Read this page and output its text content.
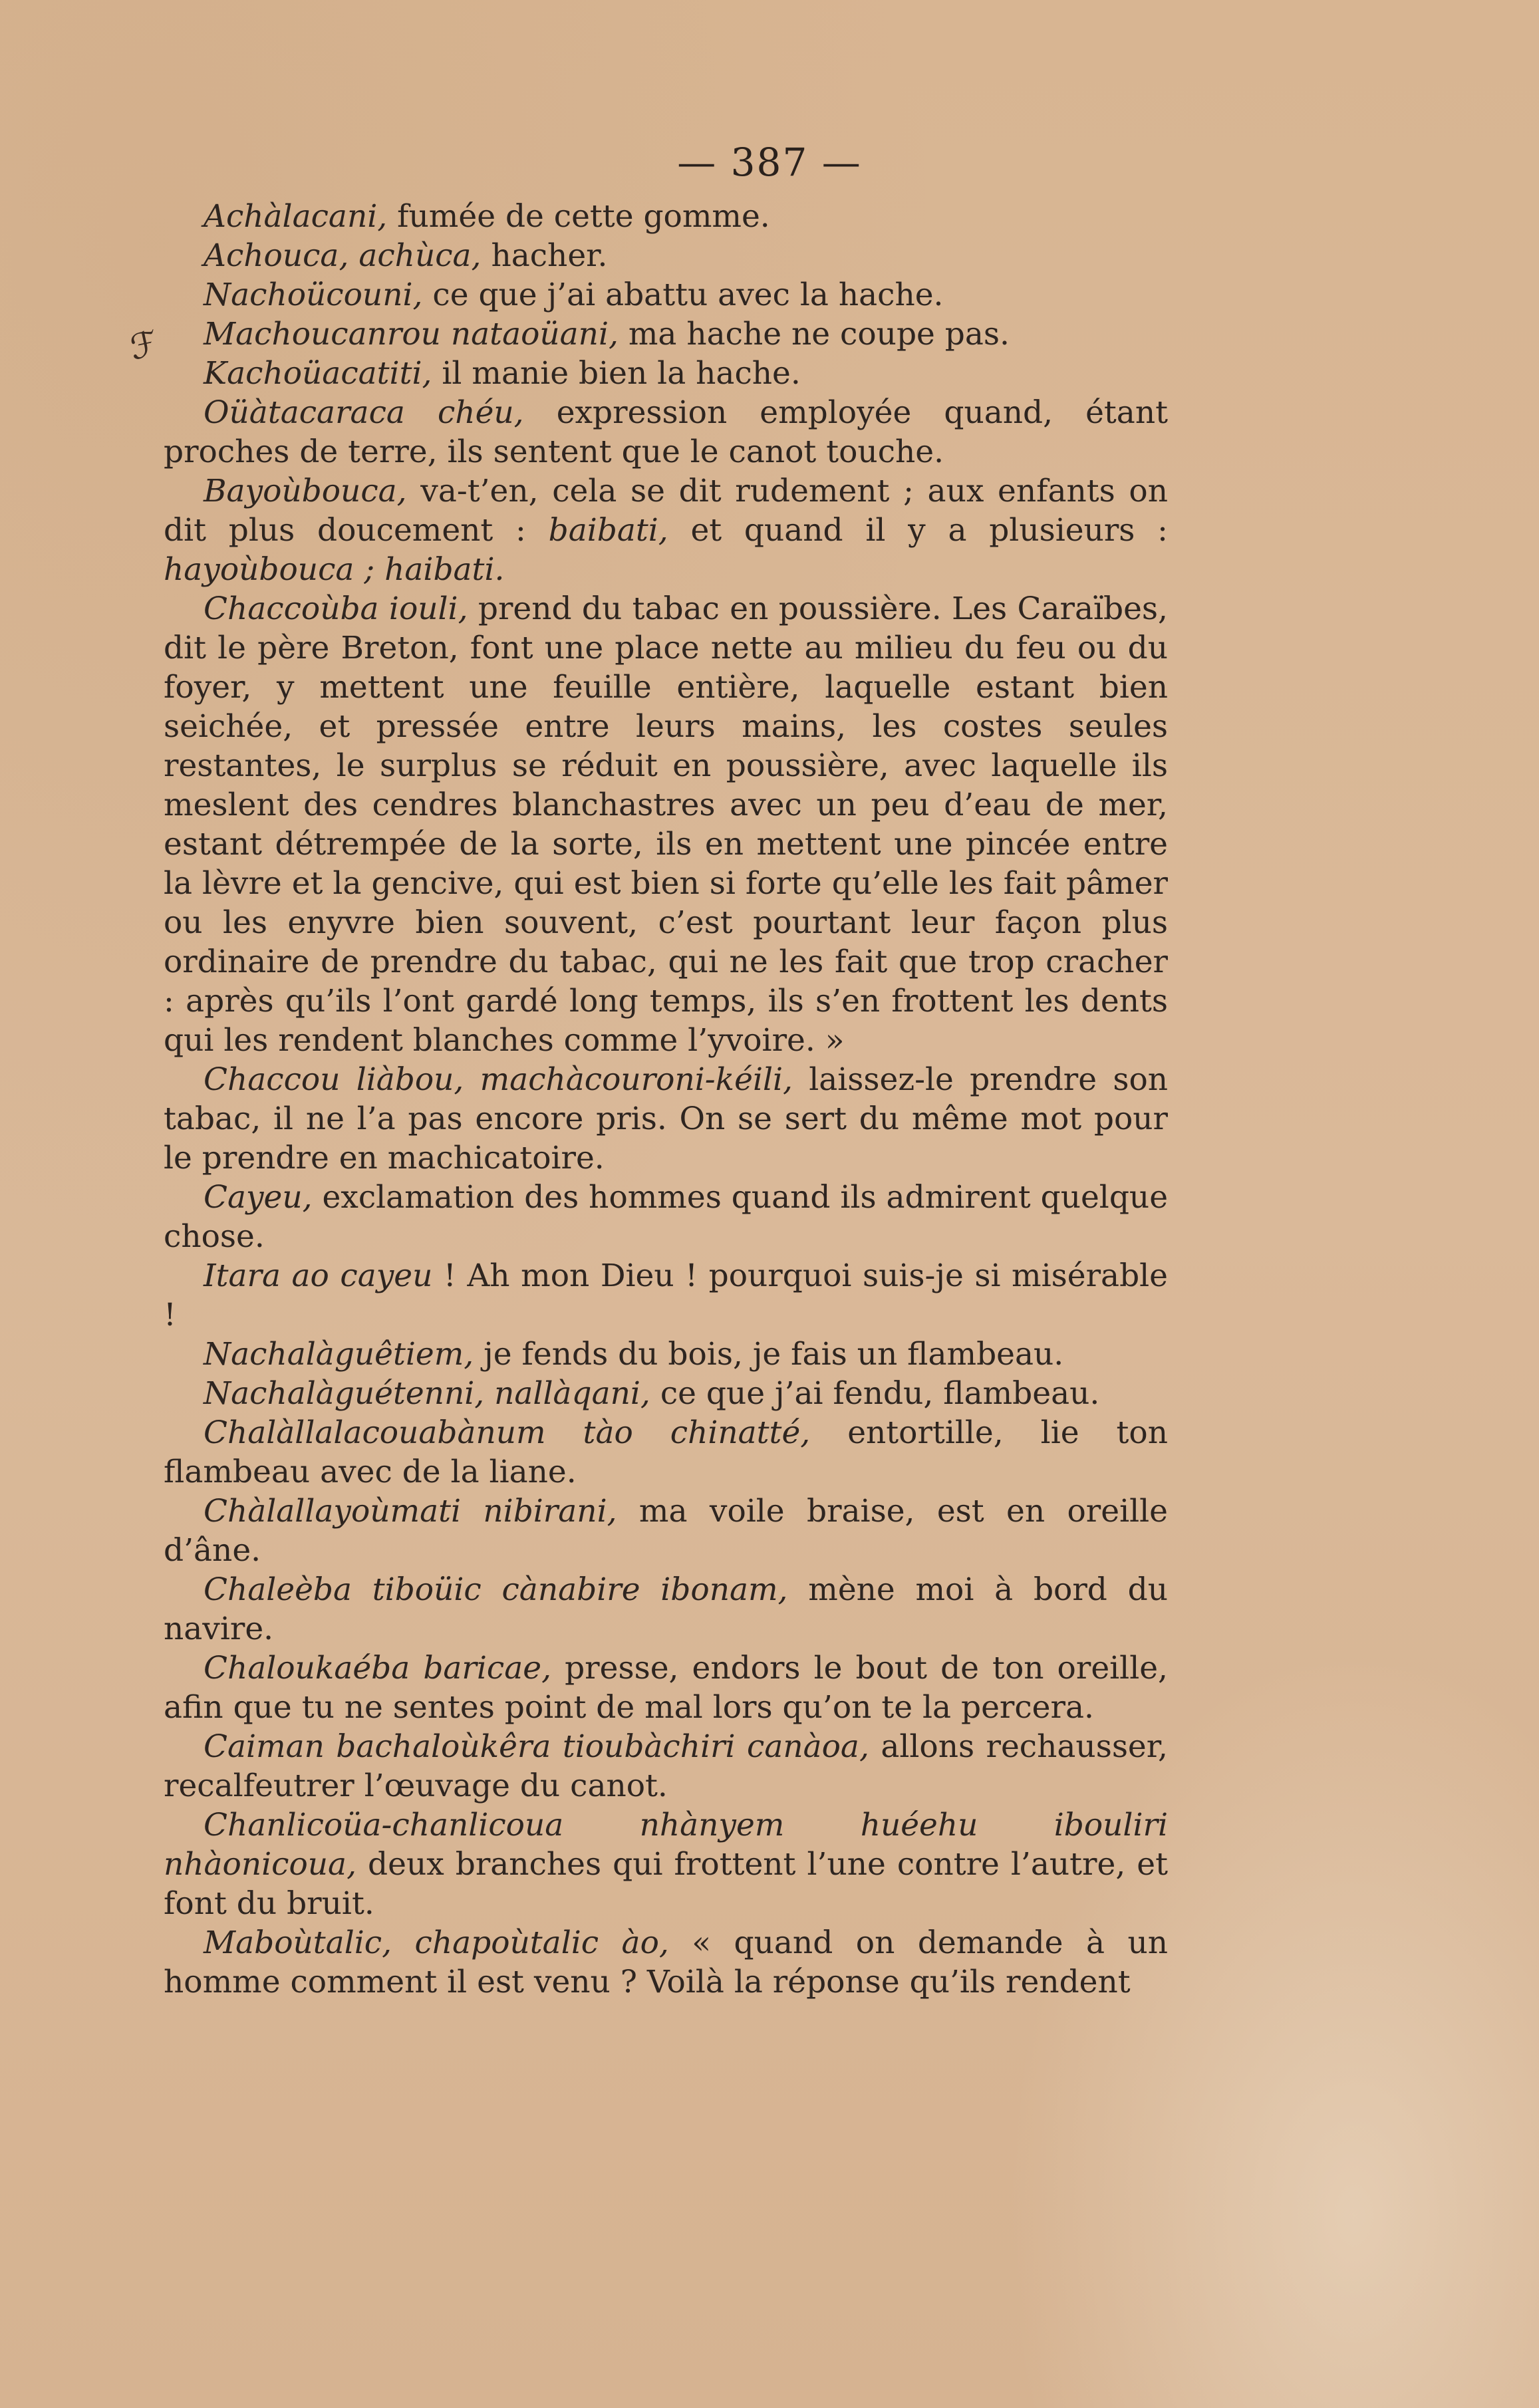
— 387 —
ℱ

Achàlacani, fumée de cette gomme.

Achouca, achùca, hacher.

Nachoücouni, ce que j’ai abattu avec la hache.

Machoucanrou nataoüani, ma hache ne coupe pas.

Kachoüacatiti, il manie bien la hache.

Oüàtacaraca chéu, expression employée quand, étant proches de terre, ils sentent que le canot touche.

Bayoùbouca, va-t’en, cela se dit rudement ; aux enfants on dit plus doucement : baibati, et quand il y a plusieurs : hayoùbouca ; haibati.

Chaccoùba iouli, prend du tabac en poussière. Les Caraïbes, dit le père Breton, font une place nette au milieu du feu ou du foyer, y mettent une feuille entière, laquelle estant bien seichée, et pressée entre leurs mains, les costes seules restantes, le surplus se réduit en poussière, avec laquelle ils meslent des cendres blanchastres avec un peu d’eau de mer, estant détrempée de la sorte, ils en mettent une pincée entre la lèvre et la gencive, qui est bien si forte qu’elle les fait pâmer ou les enyvre bien souvent, c’est pourtant leur façon plus ordinaire de prendre du tabac, qui ne les fait que trop cracher : après qu’ils l’ont gardé long temps, ils s’en frottent les dents qui les rendent blanches comme l’yvoire. »

Chaccou liàbou, machàcouroni-kéili, laissez-le prendre son tabac, il ne l’a pas encore pris. On se sert du même mot pour le prendre en machicatoire.

Cayeu, exclamation des hommes quand ils admirent quelque chose.

Itara ao cayeu ! Ah mon Dieu ! pourquoi suis-je si misérable !

Nachalàguêtiem, je fends du bois, je fais un flambeau.

Nachalàguétenni, nallàqani, ce que j’ai fendu, flambeau.

Chalàllalacouabànum tào chinatté, entortille, lie ton flambeau avec de la liane.

Chàlallayoùmati nibirani, ma voile braise, est en oreille d’âne.

Chaleèba tiboüic cànabire ibonam, mène moi à bord du navire.

Chaloukaéba baricae, presse, endors le bout de ton oreille, afin que tu ne sentes point de mal lors qu’on te la percera.

Caiman bachaloùkêra tioubàchiri canàoa, allons rechausser, recalfeutrer l’œuvage du canot.

Chanlicoüa-chanlicoua nhànyem huéehu ibouliri nhàonicoua, deux branches qui frottent l’une contre l’autre, et font du bruit.

Maboùtalic, chapoùtalic ào, « quand on demande à un homme comment il est venu ? Voilà la réponse qu’ils rendent
